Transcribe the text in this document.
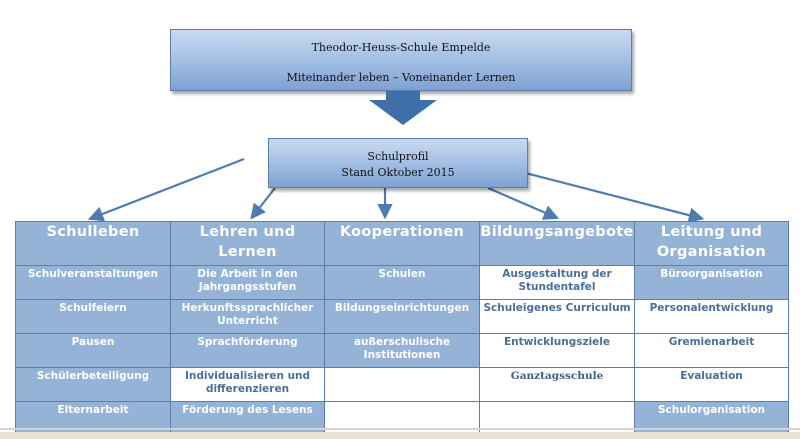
Theodor-Heuss-Schule Empelde
Miteinander leben – Voneinander Lernen
Schulprofil
Stand Oktober 2015
Schulleben	Lehren und Lernen	Kooperationen	Bildungsangebote	Leitung und Organisation
Schulveranstaltungen	Die Arbeit in den Jahrgangsstufen	Schulen	Ausgestaltung der Stundentafel	Büroorganisation
Schulfeiern	Herkunftssprachlicher Unterricht	Bildungseinrichtungen	Schuleigenes Curriculum	Personalentwicklung
Pausen	Sprachförderung	außerschulische Institutionen	Entwicklungsziele	Gremienarbeit
Schülerbeteiligung	Individualisieren und differenzieren		Ganztagsschule	Evaluation
Elternarbeit	Förderung des Lesens			Schulorganisation
